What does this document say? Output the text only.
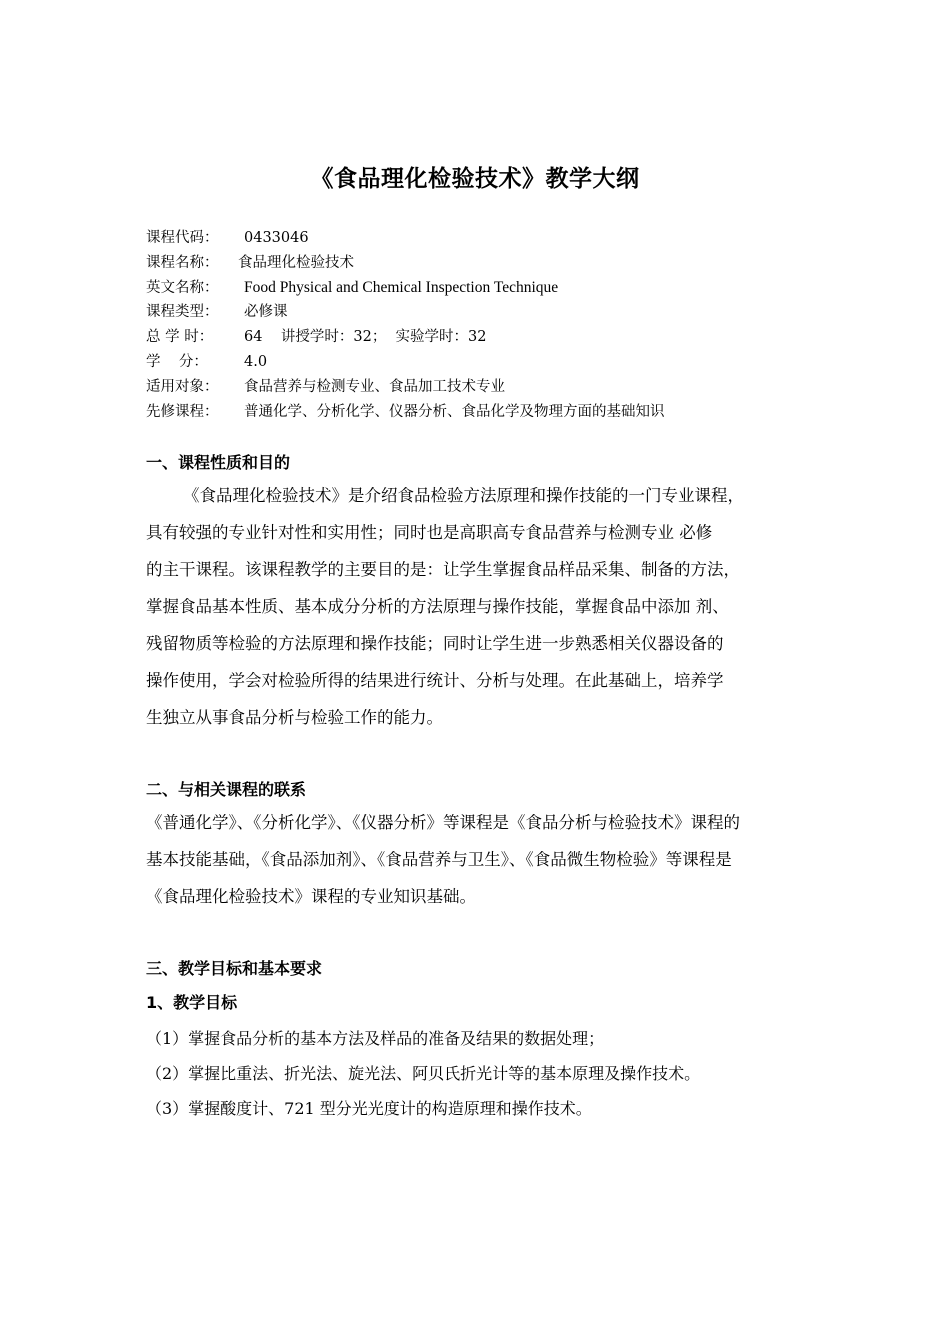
《食品理化检验技术》教学大纲
课程代码：	0433046
课程名称：	食品理化检验技术
英文名称：	Food Physical and Chemical Inspection Technique
课程类型：	必修课
总 学 时：	64    讲授学时：32；  实验学时：32
学    分：	4.0
适用对象：	食品营养与检测专业、食品加工技术专业
先修课程：	普通化学、分析化学、仪器分析、食品化学及物理方面的基础知识
一、课程性质和目的
《食品理化检验技术》是介绍食品检验方法原理和操作技能的一门专业课程，
具有较强的专业针对性和实用性；同时也是高职高专食品营养与检测专业 必修
的主干课程。该课程教学的主要目的是：让学生掌握食品样品采集、制备的方法，
掌握食品基本性质、基本成分分析的方法原理与操作技能，掌握食品中添加 剂、
残留物质等检验的方法原理和操作技能；同时让学生进一步熟悉相关仪器设备的
操作使用，学会对检验所得的结果进行统计、分析与处理。在此基础上，培养学
生独立从事食品分析与检验工作的能力。
二、与相关课程的联系
《普通化学》、《分析化学》、《仪器分析》等课程是《食品分析与检验技术》课程的
基本技能基础，《食品添加剂》、《食品营养与卫生》、《食品微生物检验》等课程是
《食品理化检验技术》课程的专业知识基础。
三、教学目标和基本要求
1、教学目标
（1）掌握食品分析的基本方法及样品的准备及结果的数据处理；
（2）掌握比重法、折光法、旋光法、阿贝氏折光计等的基本原理及操作技术。
（3）掌握酸度计、721 型分光光度计的构造原理和操作技术。
